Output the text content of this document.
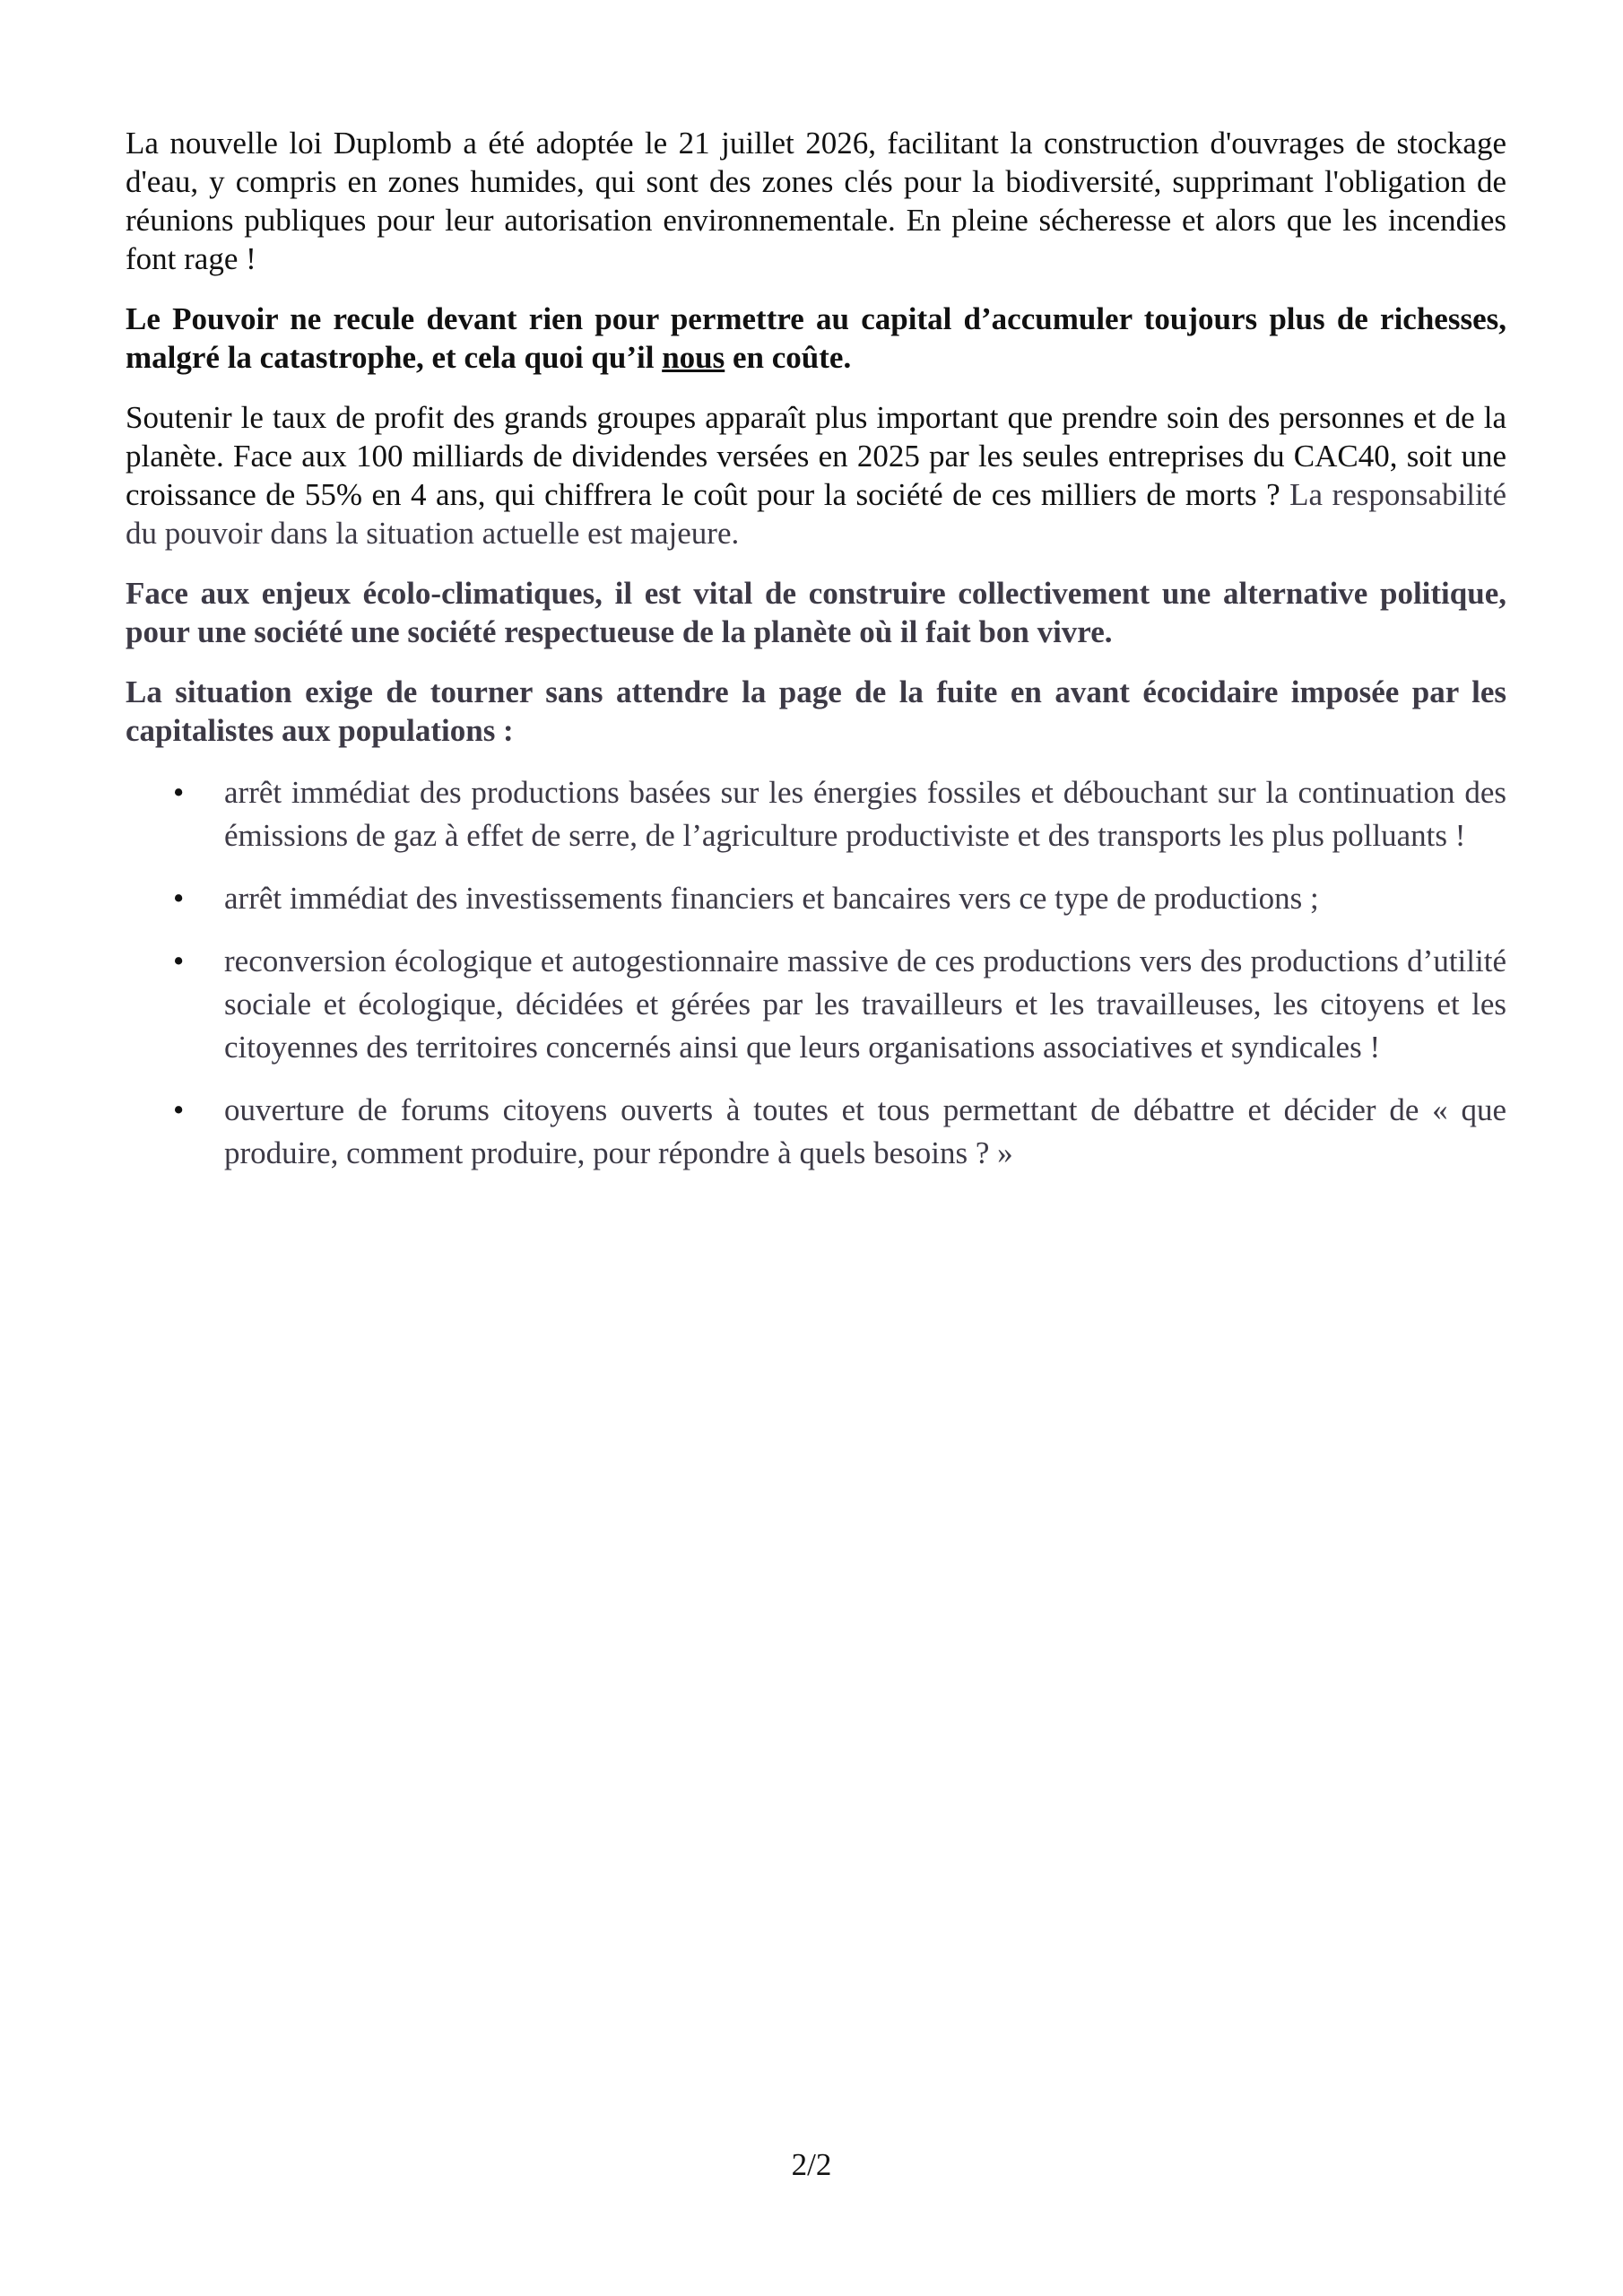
La nouvelle loi Duplomb a été adoptée le 21 juillet 2026, facilitant la construction d'ouvrages de stockage d'eau, y compris en zones humides, qui sont des zones clés pour la biodiversité, supprimant l'obligation de réunions publiques pour leur autorisation environnementale. En pleine sécheresse et alors que les incendies font rage !

Le Pouvoir ne recule devant rien pour permettre au capital d’accumuler toujours plus de richesses, malgré la catastrophe, et cela quoi qu’il nous en coûte.

Soutenir le taux de profit des grands groupes apparaît plus important que prendre soin des personnes et de la planète. Face aux 100 milliards de dividendes versées en 2025 par les seules entreprises du CAC40, soit une croissance de 55% en 4 ans, qui chiffrera le coût pour la société de ces milliers de morts ? La responsabilité du pouvoir dans la situation actuelle est majeure.

Face aux enjeux écolo-climatiques, il est vital de construire collectivement une alternative politique, pour une société une société respectueuse de la planète où il fait bon vivre.

La situation exige de tourner sans attendre la page de la fuite en avant écocidaire imposée par les capitalistes aux populations :

• arrêt immédiat des productions basées sur les énergies fossiles et débouchant sur la continuation des émissions de gaz à effet de serre, de l’agriculture productiviste et des transports les plus polluants !
• arrêt immédiat des investissements financiers et bancaires vers ce type de productions ;
• reconversion écologique et autogestionnaire massive de ces productions vers des productions d’utilité sociale et écologique, décidées et gérées par les travailleurs et les travailleuses, les citoyens et les citoyennes des territoires concernés ainsi que leurs organisations associatives et syndicales !
• ouverture de forums citoyens ouverts à toutes et tous permettant de débattre et décider de « que produire, comment produire, pour répondre à quels besoins ? »
2/2
